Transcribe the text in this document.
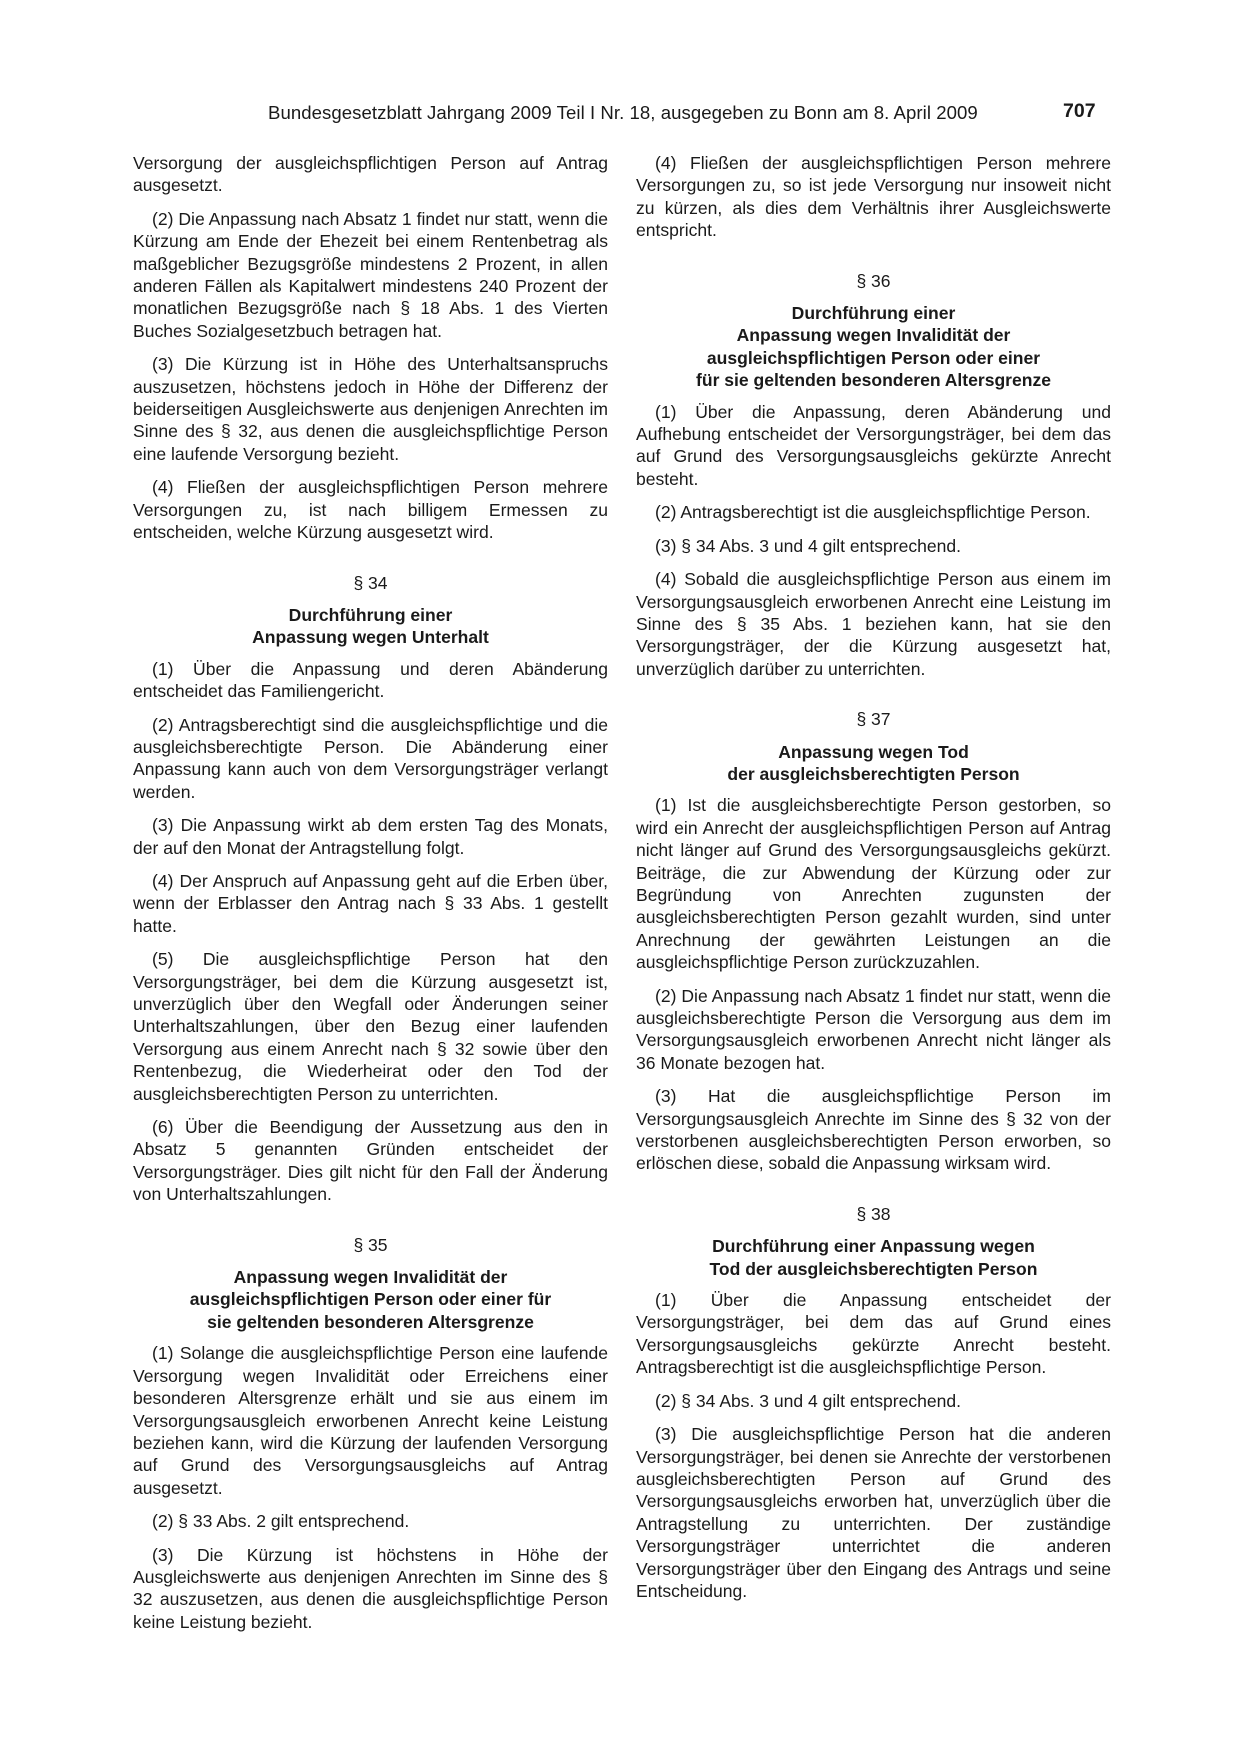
Bundesgesetzblatt Jahrgang 2009 Teil I Nr. 18, ausgegeben zu Bonn am 8. April 2009	707

Versorgung der ausgleichspflichtigen Person auf Antrag ausgesetzt.

(2) Die Anpassung nach Absatz 1 findet nur statt, wenn die Kürzung am Ende der Ehezeit bei einem Rentenbetrag als maßgeblicher Bezugsgröße mindestens 2 Prozent, in allen anderen Fällen als Kapitalwert mindestens 240 Prozent der monatlichen Bezugsgröße nach § 18 Abs. 1 des Vierten Buches Sozialgesetzbuch betragen hat.

(3) Die Kürzung ist in Höhe des Unterhaltsanspruchs auszusetzen, höchstens jedoch in Höhe der Differenz der beiderseitigen Ausgleichswerte aus denjenigen Anrechten im Sinne des § 32, aus denen die ausgleichspflichtige Person eine laufende Versorgung bezieht.

(4) Fließen der ausgleichspflichtigen Person mehrere Versorgungen zu, ist nach billigem Ermessen zu entscheiden, welche Kürzung ausgesetzt wird.

§ 34
Durchführung einer
Anpassung wegen Unterhalt

(1) Über die Anpassung und deren Abänderung entscheidet das Familiengericht.

(2) Antragsberechtigt sind die ausgleichspflichtige und die ausgleichsberechtigte Person. Die Abänderung einer Anpassung kann auch von dem Versorgungsträger verlangt werden.

(3) Die Anpassung wirkt ab dem ersten Tag des Monats, der auf den Monat der Antragstellung folgt.

(4) Der Anspruch auf Anpassung geht auf die Erben über, wenn der Erblasser den Antrag nach § 33 Abs. 1 gestellt hatte.

(5) Die ausgleichspflichtige Person hat den Versorgungsträger, bei dem die Kürzung ausgesetzt ist, unverzüglich über den Wegfall oder Änderungen seiner Unterhaltszahlungen, über den Bezug einer laufenden Versorgung aus einem Anrecht nach § 32 sowie über den Rentenbezug, die Wiederheirat oder den Tod der ausgleichsberechtigten Person zu unterrichten.

(6) Über die Beendigung der Aussetzung aus den in Absatz 5 genannten Gründen entscheidet der Versorgungsträger. Dies gilt nicht für den Fall der Änderung von Unterhaltszahlungen.

§ 35
Anpassung wegen Invalidität der
ausgleichspflichtigen Person oder einer für
sie geltenden besonderen Altersgrenze

(1) Solange die ausgleichspflichtige Person eine laufende Versorgung wegen Invalidität oder Erreichens einer besonderen Altersgrenze erhält und sie aus einem im Versorgungsausgleich erworbenen Anrecht keine Leistung beziehen kann, wird die Kürzung der laufenden Versorgung auf Grund des Versorgungsausgleichs auf Antrag ausgesetzt.

(2) § 33 Abs. 2 gilt entsprechend.

(3) Die Kürzung ist höchstens in Höhe der Ausgleichswerte aus denjenigen Anrechten im Sinne des § 32 auszusetzen, aus denen die ausgleichspflichtige Person keine Leistung bezieht.

(4) Fließen der ausgleichspflichtigen Person mehrere Versorgungen zu, so ist jede Versorgung nur insoweit nicht zu kürzen, als dies dem Verhältnis ihrer Ausgleichswerte entspricht.

§ 36
Durchführung einer
Anpassung wegen Invalidität der
ausgleichspflichtigen Person oder einer
für sie geltenden besonderen Altersgrenze

(1) Über die Anpassung, deren Abänderung und Aufhebung entscheidet der Versorgungsträger, bei dem das auf Grund des Versorgungsausgleichs gekürzte Anrecht besteht.

(2) Antragsberechtigt ist die ausgleichspflichtige Person.

(3) § 34 Abs. 3 und 4 gilt entsprechend.

(4) Sobald die ausgleichspflichtige Person aus einem im Versorgungsausgleich erworbenen Anrecht eine Leistung im Sinne des § 35 Abs. 1 beziehen kann, hat sie den Versorgungsträger, der die Kürzung ausgesetzt hat, unverzüglich darüber zu unterrichten.

§ 37
Anpassung wegen Tod
der ausgleichsberechtigten Person

(1) Ist die ausgleichsberechtigte Person gestorben, so wird ein Anrecht der ausgleichspflichtigen Person auf Antrag nicht länger auf Grund des Versorgungsausgleichs gekürzt. Beiträge, die zur Abwendung der Kürzung oder zur Begründung von Anrechten zugunsten der ausgleichsberechtigten Person gezahlt wurden, sind unter Anrechnung der gewährten Leistungen an die ausgleichspflichtige Person zurückzuzahlen.

(2) Die Anpassung nach Absatz 1 findet nur statt, wenn die ausgleichsberechtigte Person die Versorgung aus dem im Versorgungsausgleich erworbenen Anrecht nicht länger als 36 Monate bezogen hat.

(3) Hat die ausgleichspflichtige Person im Versorgungsausgleich Anrechte im Sinne des § 32 von der verstorbenen ausgleichsberechtigten Person erworben, so erlöschen diese, sobald die Anpassung wirksam wird.

§ 38
Durchführung einer Anpassung wegen
Tod der ausgleichsberechtigten Person

(1) Über die Anpassung entscheidet der Versorgungsträger, bei dem das auf Grund eines Versorgungsausgleichs gekürzte Anrecht besteht. Antragsberechtigt ist die ausgleichspflichtige Person.

(2) § 34 Abs. 3 und 4 gilt entsprechend.

(3) Die ausgleichspflichtige Person hat die anderen Versorgungsträger, bei denen sie Anrechte der verstorbenen ausgleichsberechtigten Person auf Grund des Versorgungsausgleichs erworben hat, unverzüglich über die Antragstellung zu unterrichten. Der zuständige Versorgungsträger unterrichtet die anderen Versorgungsträger über den Eingang des Antrags und seine Entscheidung.
